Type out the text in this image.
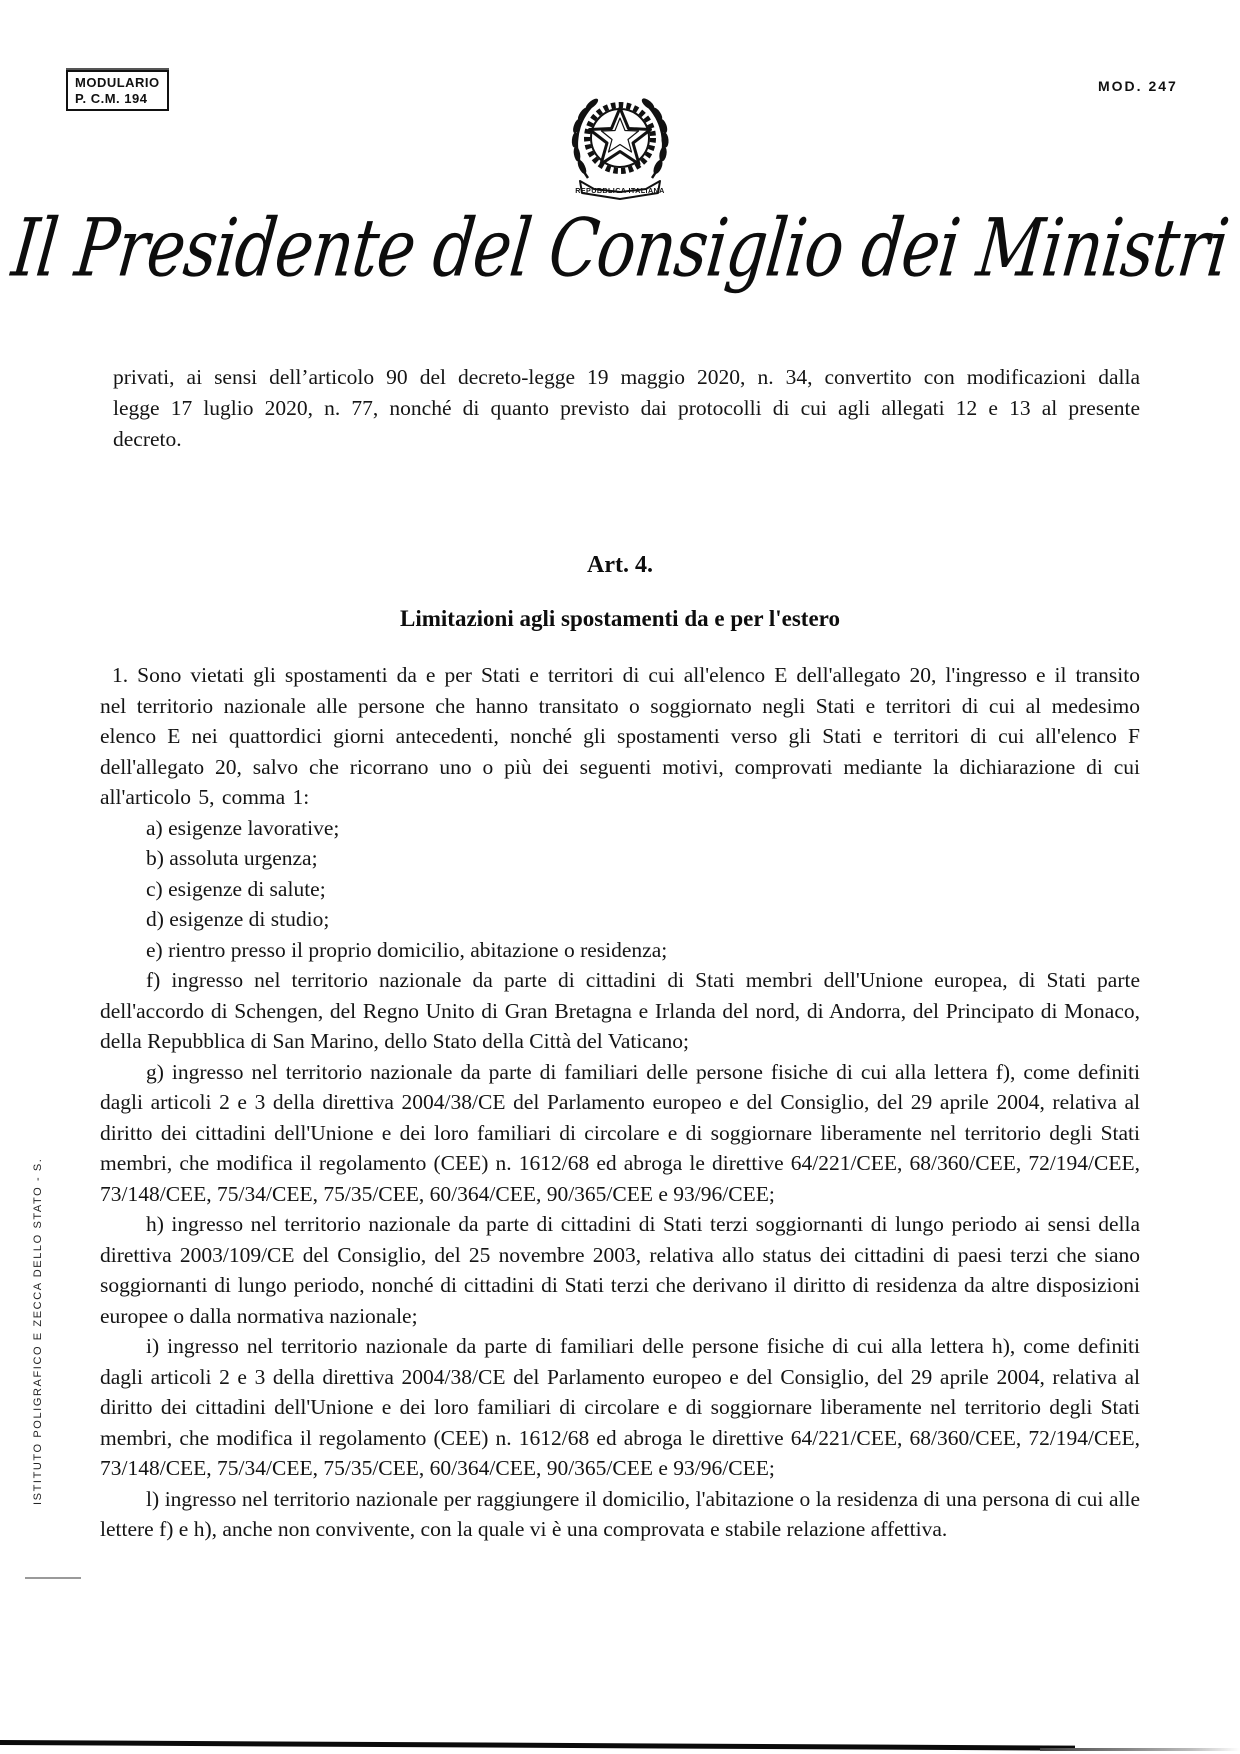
MODULARIO
P. C.M. 194
MOD. 247
REPUBBLICA ITALIANA
Il Presidente del Consiglio dei Ministri

privati, ai sensi dell’articolo 90 del decreto-legge 19 maggio 2020, n. 34, convertito con modificazioni dalla legge 17 luglio 2020, n. 77, nonché di quanto previsto dai protocolli di cui agli allegati 12 e 13 al presente decreto.

Art. 4.
Limitazioni agli spostamenti da e per l'estero

1. Sono vietati gli spostamenti da e per Stati e territori di cui all'elenco E dell'allegato 20, l'ingresso e il transito nel territorio nazionale alle persone che hanno transitato o soggiornato negli Stati e territori di cui al medesimo elenco E nei quattordici giorni antecedenti, nonché gli spostamenti verso gli Stati e territori di cui all'elenco F dell'allegato 20, salvo che ricorrano uno o più dei seguenti motivi, comprovati mediante la dichiarazione di cui all'articolo 5, comma 1:

a) esigenze lavorative;

b) assoluta urgenza;

c) esigenze di salute;

d) esigenze di studio;

e) rientro presso il proprio domicilio, abitazione o residenza;

f) ingresso nel territorio nazionale da parte di cittadini di Stati membri dell'Unione europea, di Stati parte dell'accordo di Schengen, del Regno Unito di Gran Bretagna e Irlanda del nord, di Andorra, del Principato di Monaco, della Repubblica di San Marino, dello Stato della Città del Vaticano;

g) ingresso nel territorio nazionale da parte di familiari delle persone fisiche di cui alla lettera f), come definiti dagli articoli 2 e 3 della direttiva 2004/38/CE del Parlamento europeo e del Consiglio, del 29 aprile 2004, relativa al diritto dei cittadini dell'Unione e dei loro familiari di circolare e di soggiornare liberamente nel territorio degli Stati membri, che modifica il regolamento (CEE) n. 1612/68 ed abroga le direttive 64/221/CEE, 68/360/CEE, 72/194/CEE, 73/148/CEE, 75/34/CEE, 75/35/CEE, 60/364/CEE, 90/365/CEE e 93/96/CEE;

h) ingresso nel territorio nazionale da parte di cittadini di Stati terzi soggiornanti di lungo periodo ai sensi della direttiva 2003/109/CE del Consiglio, del 25 novembre 2003, relativa allo status dei cittadini di paesi terzi che siano soggiornanti di lungo periodo, nonché di cittadini di Stati terzi che derivano il diritto di residenza da altre disposizioni europee o dalla normativa nazionale;

i) ingresso nel territorio nazionale da parte di familiari delle persone fisiche di cui alla lettera h), come definiti dagli articoli 2 e 3 della direttiva 2004/38/CE del Parlamento europeo e del Consiglio, del 29 aprile 2004, relativa al diritto dei cittadini dell'Unione e dei loro familiari di circolare e di soggiornare liberamente nel territorio degli Stati membri, che modifica il regolamento (CEE) n. 1612/68 ed abroga le direttive 64/221/CEE, 68/360/CEE, 72/194/CEE, 73/148/CEE, 75/34/CEE, 75/35/CEE, 60/364/CEE, 90/365/CEE e 93/96/CEE;

l) ingresso nel territorio nazionale per raggiungere il domicilio, l'abitazione o la residenza di una persona di cui alle lettere f) e h), anche non convivente, con la quale vi è una comprovata e stabile relazione affettiva.

ISTITUTO POLIGRAFICO E ZECCA DELLO STATO - S.
